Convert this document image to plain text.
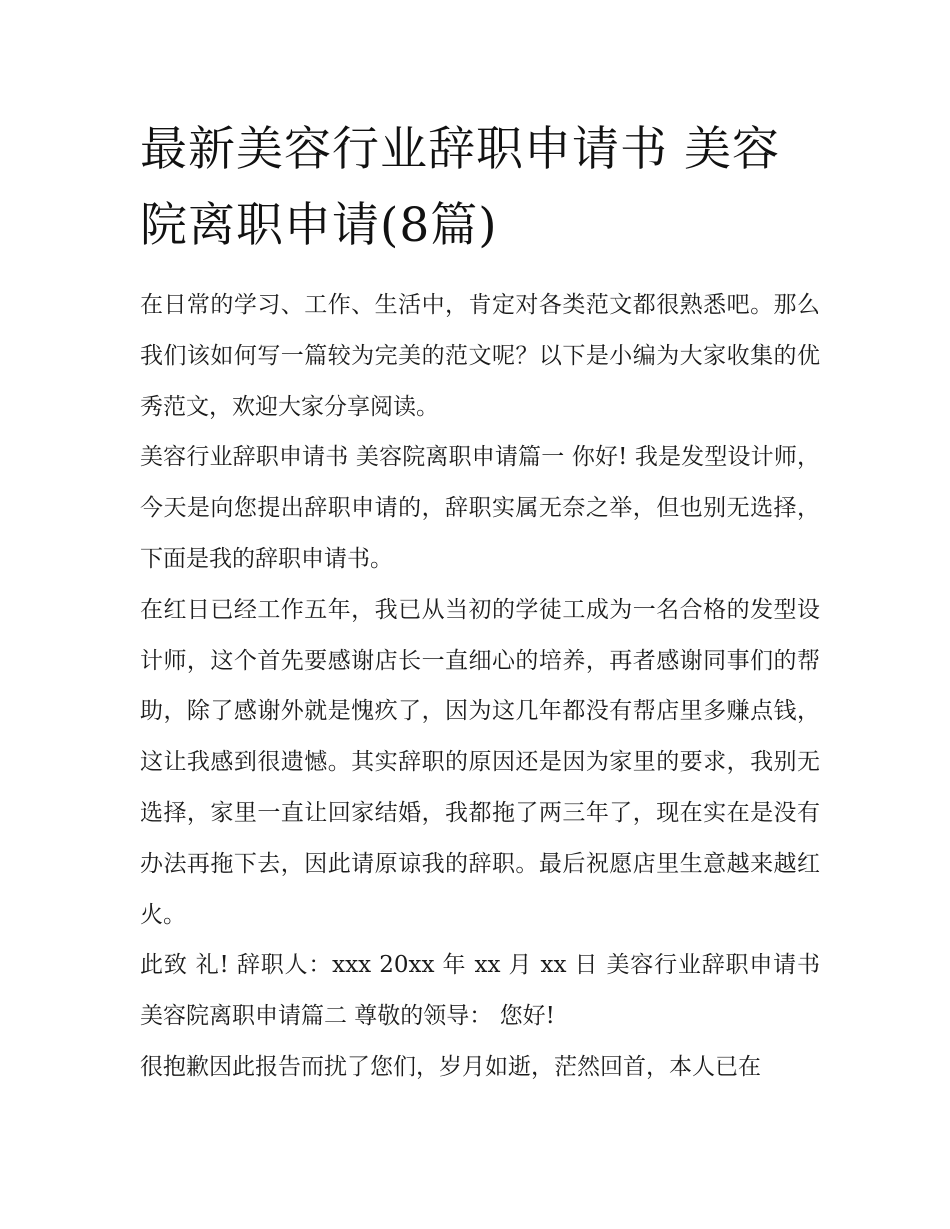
最新美容行业辞职申请书 美容院离职申请(8篇)

在日常的学习、工作、生活中，肯定对各类范文都很熟悉吧。那么我们该如何写一篇较为完美的范文呢？以下是小编为大家收集的优秀范文，欢迎大家分享阅读。

美容行业辞职申请书 美容院离职申请篇一 你好! 我是发型设计师，今天是向您提出辞职申请的，辞职实属无奈之举，但也别无选择，下面是我的辞职申请书。

在红日已经工作五年，我已从当初的学徒工成为一名合格的发型设计师，这个首先要感谢店长一直细心的培养，再者感谢同事们的帮助，除了感谢外就是愧疚了，因为这几年都没有帮店里多赚点钱，这让我感到很遗憾。其实辞职的原因还是因为家里的要求，我别无选择，家里一直让回家结婚，我都拖了两三年了，现在实在是没有办法再拖下去，因此请原谅我的辞职。最后祝愿店里生意越来越红火。

此致 礼! 辞职人：xxx 20xx 年 xx 月 xx 日 美容行业辞职申请书 美容院离职申请篇二 尊敬的领导： 您好!

很抱歉因此报告而扰了您们，岁月如逝，茫然回首，本人已在
